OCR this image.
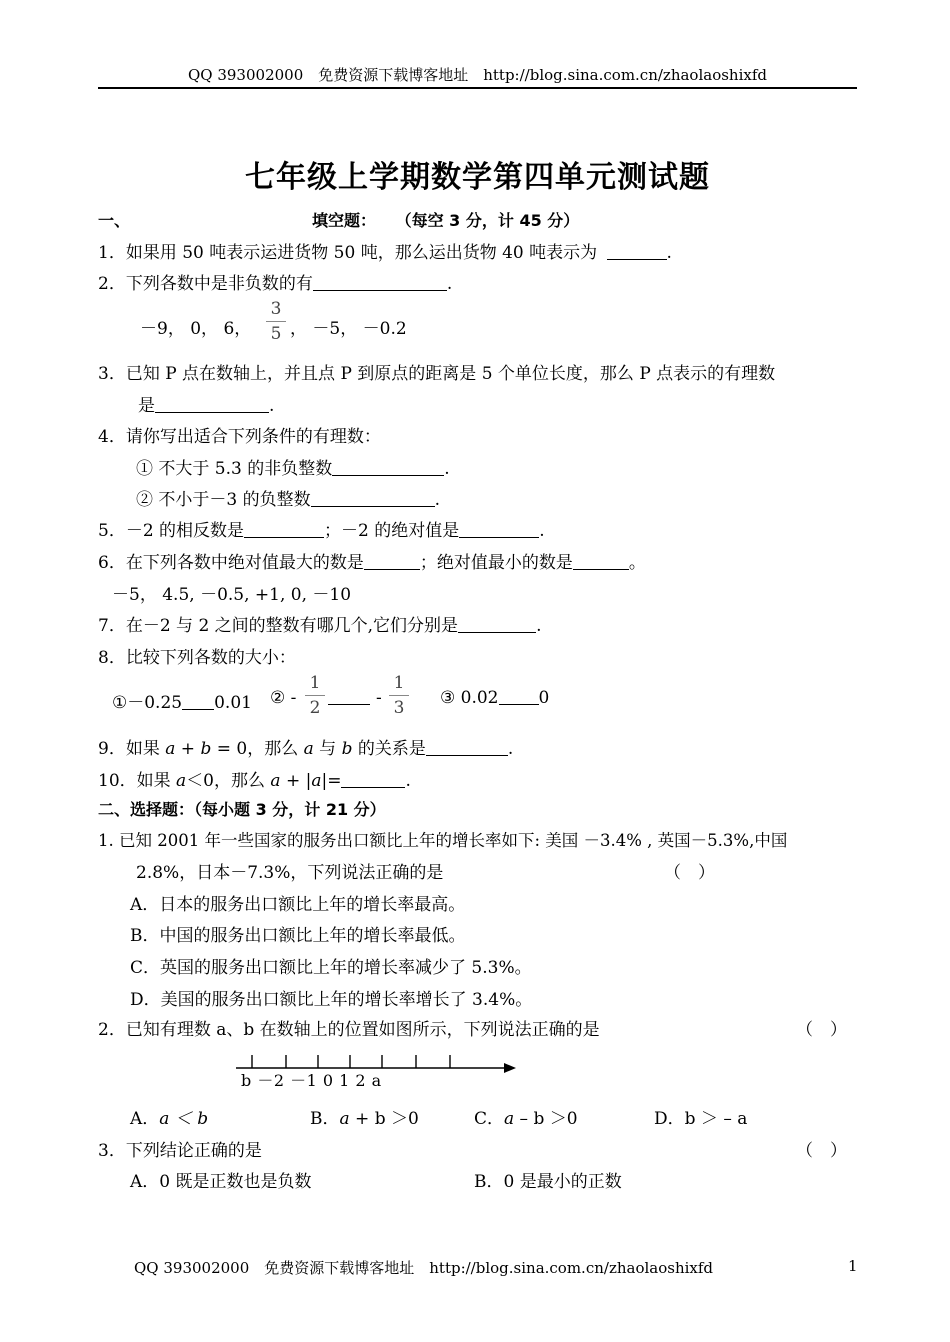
QQ 393002000　免费资源下载博客地址　http://blog.sina.com.cn/zhaolaoshixfd
七年级上学期数学第四单元测试题
一、	填空题： （每空 3 分，计 45 分）
1．如果用 50 吨表示运进货物 50 吨，那么运出货物 40 吨表示为	.
2．下列各数中是非负数的有	.
－9， 0， 6，
3
5 ， －5， －0.2
3．已知 P 点在数轴上，并且点 P 到原点的距离是 5 个单位长度，那么 P 点表示的有理数
是	.
4．请你写出适合下列条件的有理数：
① 不大于 5.3 的非负整数	.
② 不小于－3 的负整数	.
5．－2 的相反数是	；－2 的绝对值是	.
6．在下列各数中绝对值最大的数是	；绝对值最小的数是	。
－5， 4.5, －0.5, +1, 0, －10
7．在－2 与 2 之间的整数有哪几个,它们分别是	.
8．比较下列各数的大小：
①－0.25 0.01 ② -
1
2	-
1
3 ③ 0.02 0
9．如果 a + b = 0，那么 a 与 b 的关系是	.
10．如果 a＜0，那么 a + |a|=	.
二、选择题：（每小题 3 分，计 21 分）
1. 已知 2001 年一些国家的服务出口额比上年的增长率如下: 美国 －3.4% , 英国－5.3%,中国
2.8%，日本－7.3%，下列说法正确的是	（　）
A．日本的服务出口额比上年的增长率最高。
B．中国的服务出口额比上年的增长率最低。
C．英国的服务出口额比上年的增长率减少了 5.3%。
D．美国的服务出口额比上年的增长率增长了 3.4%。
2．已知有理数 a、b 在数轴上的位置如图所示，下列说法正确的是	（　）
b －2 －1 0 1 2 a
A．a ＜ b	B．a + b ＞0	C．a – b ＞0	D．b ＞ – a
3．下列结论正确的是	（　）
A．0 既是正数也是负数	B．0 是最小的正数
QQ 393002000　免费资源下载博客地址　http://blog.sina.com.cn/zhaolaoshixfd	1
